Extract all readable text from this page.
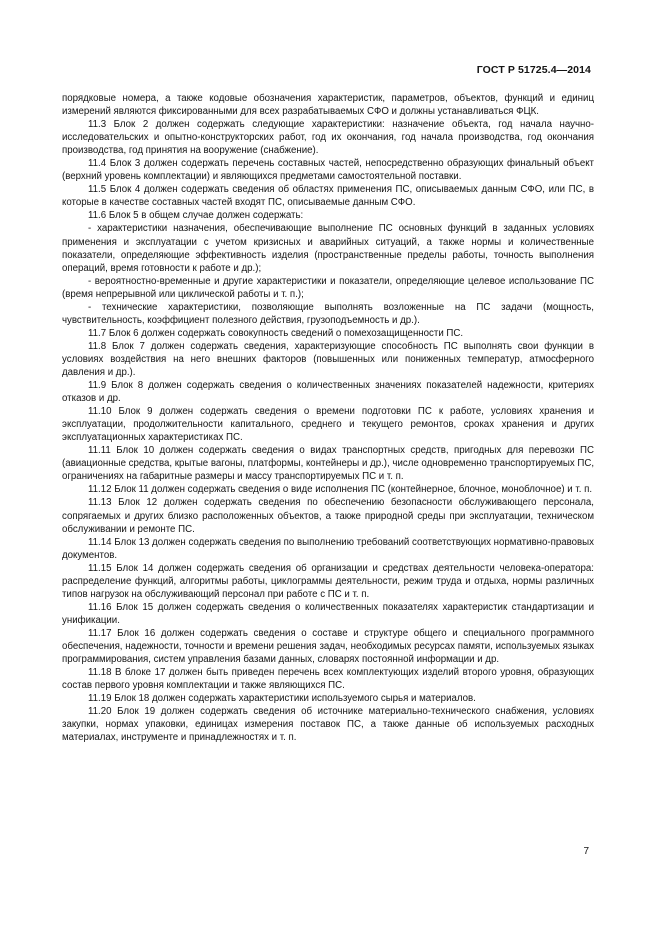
ГОСТ Р 51725.4—2014

порядковые номера, а также кодовые обозначения характеристик, параметров, объектов, функций и единиц измерений являются фиксированными для всех разрабатываемых СФО и должны устанавливаться ФЦК.

11.3 Блок 2 должен содержать следующие характеристики: назначение объекта, год начала научно-исследовательских и опытно-конструкторских работ, год их окончания, год начала производства, год окончания производства, год принятия на вооружение (снабжение).

11.4 Блок 3 должен содержать перечень составных частей, непосредственно образующих финальный объект (верхний уровень комплектации) и являющихся предметами самостоятельной поставки.

11.5 Блок 4 должен содержать сведения об областях применения ПС, описываемых данным СФО, или ПС, в которые в качестве составных частей входят ПС, описываемые данным СФО.

11.6 Блок 5 в общем случае должен содержать:

- характеристики назначения, обеспечивающие выполнение ПС основных функций в заданных условиях применения и эксплуатации с учетом кризисных и аварийных ситуаций, а также нормы и количественные показатели, определяющие эффективность изделия (пространственные пределы работы, точность выполнения операций, время готовности к работе и др.);

- вероятностно-временные и другие характеристики и показатели, определяющие целевое использование ПС (время непрерывной или циклической работы и т. п.);

- технические характеристики, позволяющие выполнять возложенные на ПС задачи (мощность, чувствительность, коэффициент полезного действия, грузоподъемность и др.).

11.7 Блок 6 должен содержать совокупность сведений о помехозащищенности ПС.

11.8 Блок 7 должен содержать сведения, характеризующие способность ПС выполнять свои функции в условиях воздействия на него внешних факторов (повышенных или пониженных температур, атмосферного давления и др.).

11.9 Блок 8 должен содержать сведения о количественных значениях показателей надежности, критериях отказов и др.

11.10 Блок 9 должен содержать сведения о времени подготовки ПС к работе, условиях хранения и эксплуатации, продолжительности капитального, среднего и текущего ремонтов, сроках хранения и других эксплуатационных характеристиках ПС.

11.11 Блок 10 должен содержать сведения о видах транспортных средств, пригодных для перевозки ПС (авиационные средства, крытые вагоны, платформы, контейнеры и др.), числе одновременно транспортируемых ПС, ограничениях на габаритные размеры и массу транспортируемых ПС и т. п.

11.12 Блок 11 должен содержать сведения о виде исполнения ПС (контейнерное, блочное, моноблочное) и т. п.

11.13 Блок 12 должен содержать сведения по обеспечению безопасности обслуживающего персонала, сопрягаемых и других близко расположенных объектов, а также природной среды при эксплуатации, техническом обслуживании и ремонте ПС.

11.14 Блок 13 должен содержать сведения по выполнению требований соответствующих нормативно-правовых документов.

11.15 Блок 14 должен содержать сведения об организации и средствах деятельности человека-оператора: распределение функций, алгоритмы работы, циклограммы деятельности, режим труда и отдыха, нормы различных типов нагрузок на обслуживающий персонал при работе с ПС и т. п.

11.16 Блок 15 должен содержать сведения о количественных показателях характеристик стандартизации и унификации.

11.17 Блок 16 должен содержать сведения о составе и структуре общего и специального программного обеспечения, надежности, точности и времени решения задач, необходимых ресурсах памяти, используемых языках программирования, систем управления базами данных, словарях постоянной информации и др.

11.18 В блоке 17 должен быть приведен перечень всех комплектующих изделий второго уровня, образующих состав первого уровня комплектации и также являющихся ПС.

11.19 Блок 18 должен содержать характеристики используемого сырья и материалов.

11.20 Блок 19 должен содержать сведения об источнике материально-технического снабжения, условиях закупки, нормах упаковки, единицах измерения поставок ПС, а также данные об используемых расходных материалах, инструменте и принадлежностях и т. п.

7
